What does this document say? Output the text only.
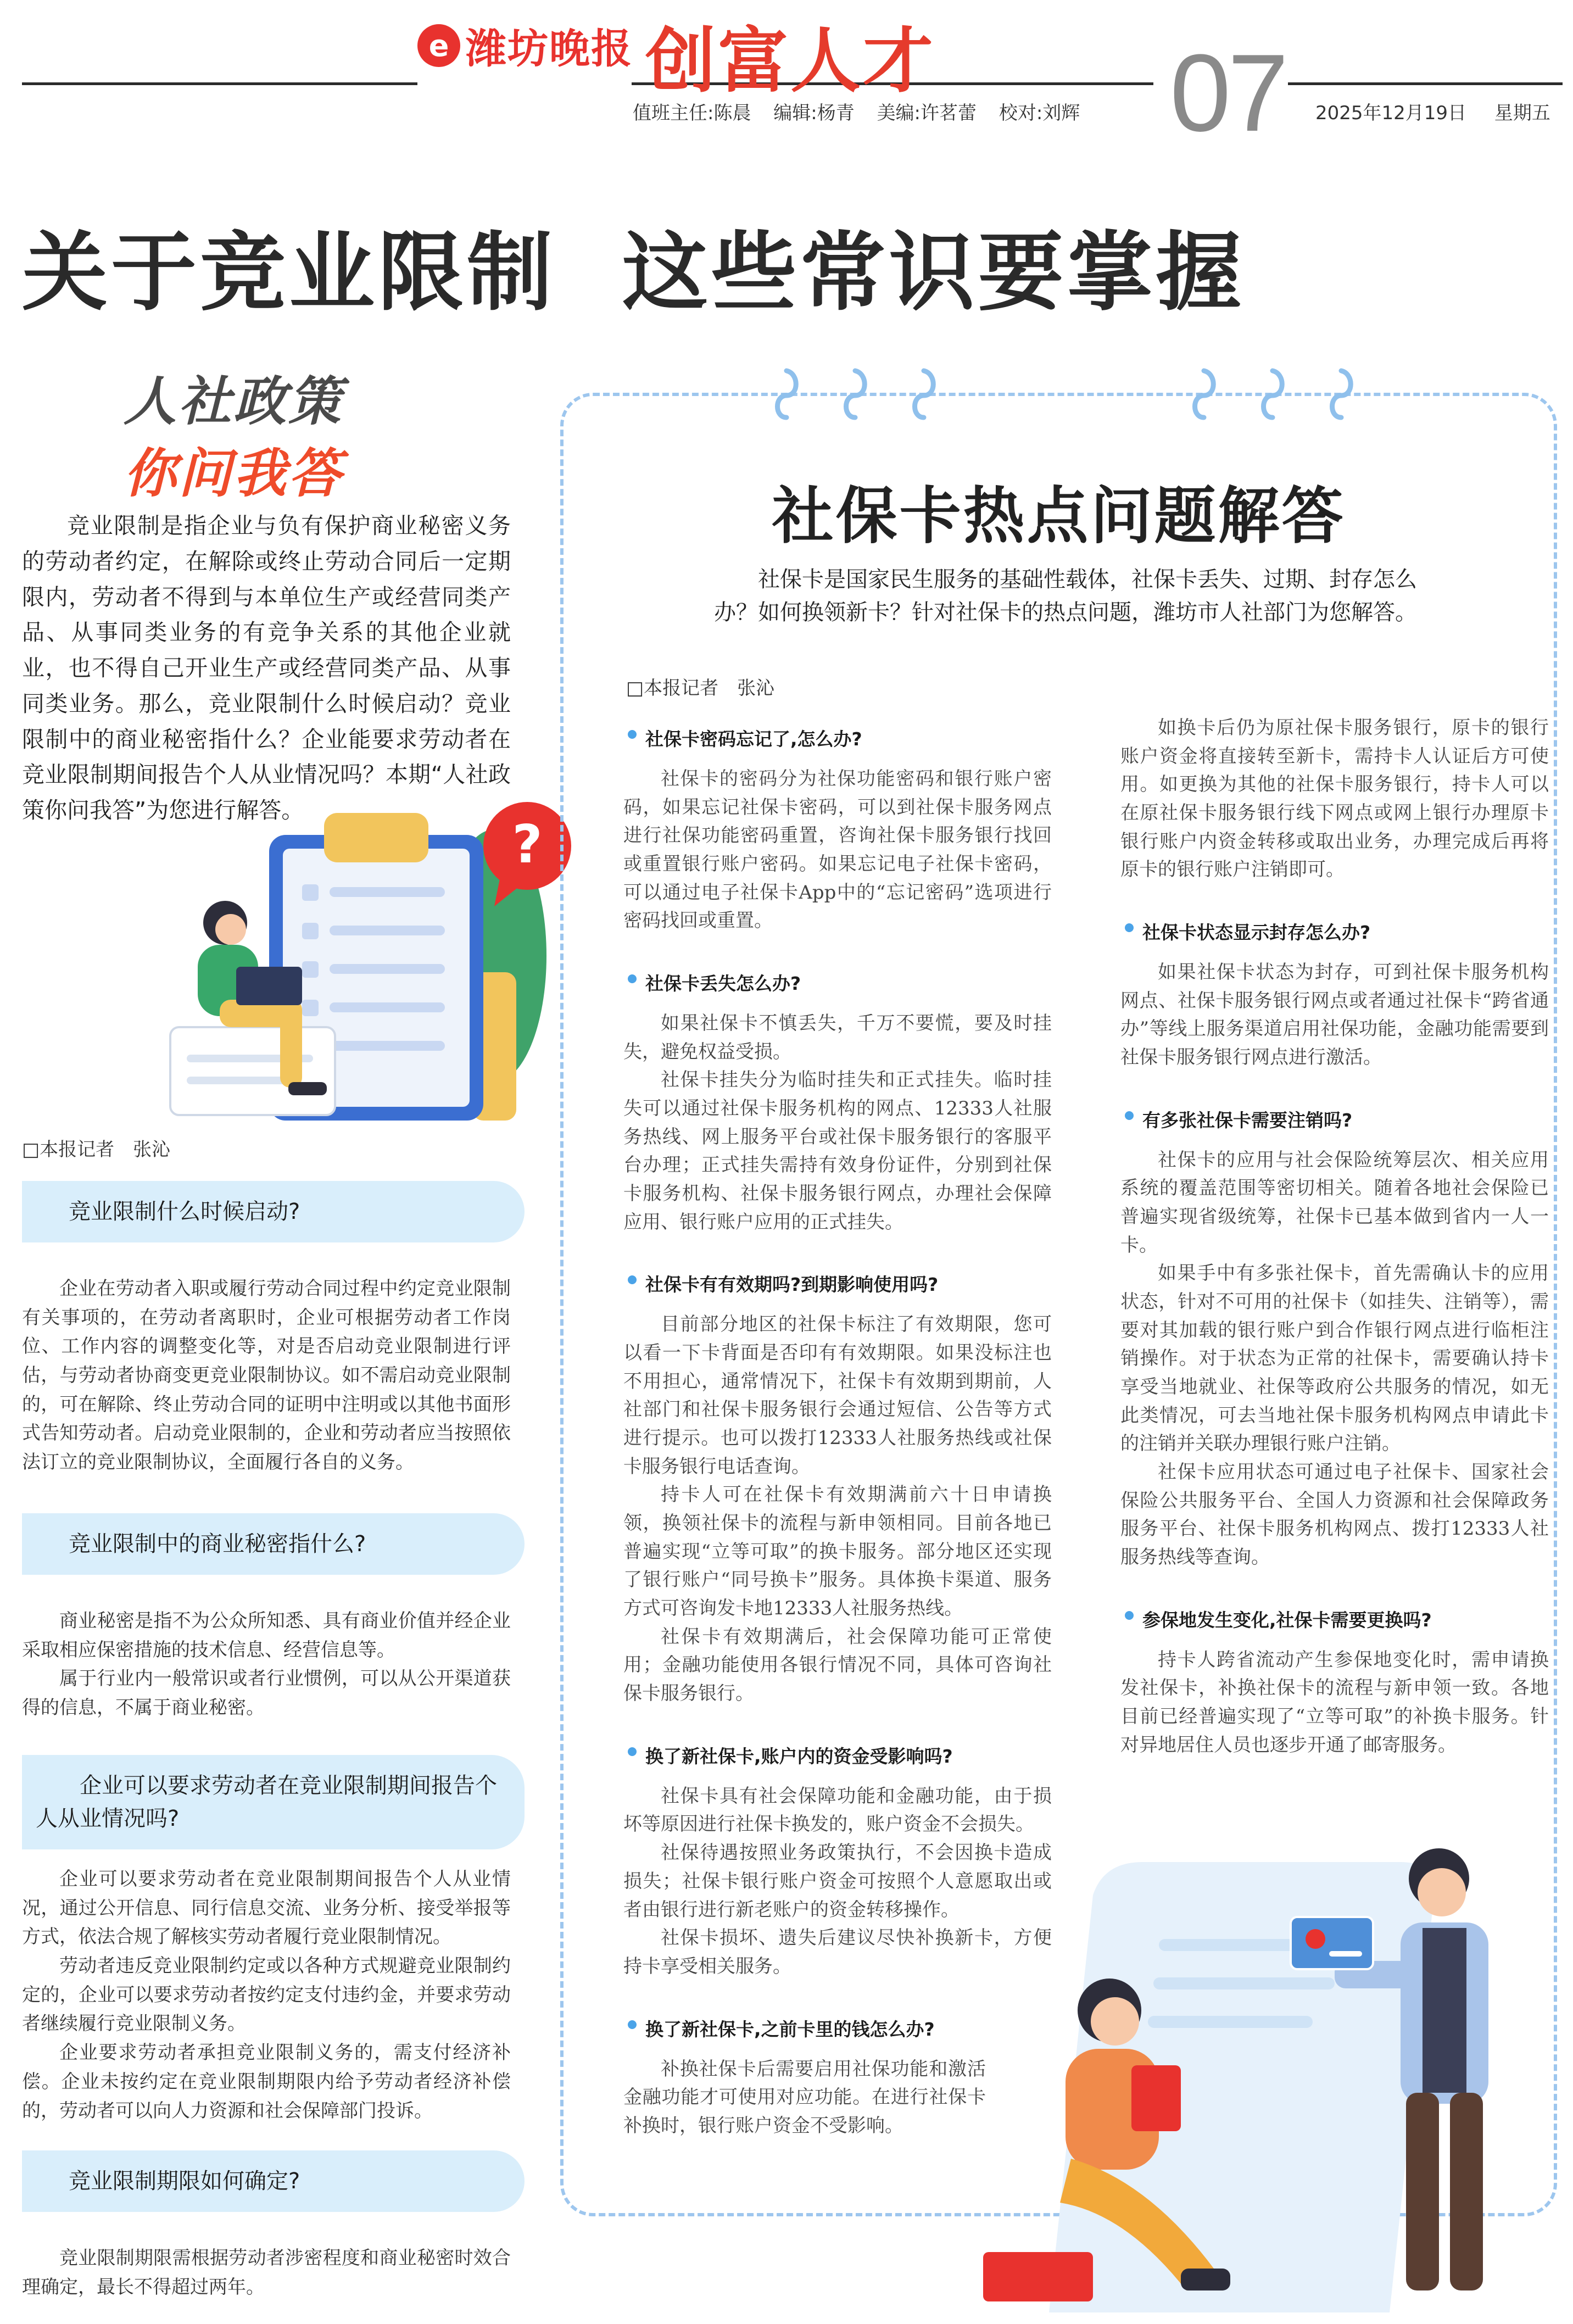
e 潍坊晚报 创富人才
值班主任:陈晨 编辑:杨青 美编:许茗蕾 校对:刘辉 07 2025年12月19日 星期五
关于竞业限制  这些常识要掌握
人社政策
你问我答
竞业限制是指企业与负有保护商业秘密义务的劳动者约定，在解除或终止劳动合同后一定期限内，劳动者不得到与本单位生产或经营同类产品、从事同类业务的有竞争关系的其他企业就业，也不得自己开业生产或经营同类产品、从事同类业务。那么，竞业限制什么时候启动？竞业限制中的商业秘密指什么？企业能要求劳动者在竞业限制期间报告个人从业情况吗？本期“人社政策你问我答”为您进行解答。
?
□本报记者　张沁
竞业限制什么时候启动?

企业在劳动者入职或履行劳动合同过程中约定竞业限制有关事项的，在劳动者离职时，企业可根据劳动者工作岗位、工作内容的调整变化等，对是否启动竞业限制进行评估，与劳动者协商变更竞业限制协议。如不需启动竞业限制的，可在解除、终止劳动合同的证明中注明或以其他书面形式告知劳动者。启动竞业限制的，企业和劳动者应当按照依法订立的竞业限制协议，全面履行各自的义务。

竞业限制中的商业秘密指什么?

商业秘密是指不为公众所知悉、具有商业价值并经企业采取相应保密措施的技术信息、经营信息等。

属于行业内一般常识或者行业惯例，可以从公开渠道获得的信息，不属于商业秘密。

企业可以要求劳动者在竞业限制期间报告个人从业情况吗?

企业可以要求劳动者在竞业限制期间报告个人从业情况，通过公开信息、同行信息交流、业务分析、接受举报等方式，依法合规了解核实劳动者履行竞业限制情况。

劳动者违反竞业限制约定或以各种方式规避竞业限制约定的，企业可以要求劳动者按约定支付违约金，并要求劳动者继续履行竞业限制义务。

企业要求劳动者承担竞业限制义务的，需支付经济补偿。企业未按约定在竞业限制期限内给予劳动者经济补偿的，劳动者可以向人力资源和社会保障部门投诉。

竞业限制期限如何确定?

竞业限制期限需根据劳动者涉密程度和商业秘密时效合理确定，最长不得超过两年。

社保卡热点问题解答
社保卡是国家民生服务的基础性载体，社保卡丢失、过期、封存怎么办？如何换领新卡？针对社保卡的热点问题，潍坊市人社部门为您解答。
□本报记者　张沁
社保卡密码忘记了,怎么办?

社保卡的密码分为社保功能密码和银行账户密码，如果忘记社保卡密码，可以到社保卡服务网点进行社保功能密码重置，咨询社保卡服务银行找回或重置银行账户密码。如果忘记电子社保卡密码，可以通过电子社保卡App中的“忘记密码”选项进行密码找回或重置。

社保卡丢失怎么办?

如果社保卡不慎丢失，千万不要慌，要及时挂失，避免权益受损。

社保卡挂失分为临时挂失和正式挂失。临时挂失可以通过社保卡服务机构的网点、12333人社服务热线、网上服务平台或社保卡服务银行的客服平台办理；正式挂失需持有效身份证件，分别到社保卡服务机构、社保卡服务银行网点，办理社会保障应用、银行账户应用的正式挂失。

社保卡有有效期吗?到期影响使用吗?

目前部分地区的社保卡标注了有效期限，您可以看一下卡背面是否印有有效期限。如果没标注也不用担心，通常情况下，社保卡有效期到期前，人社部门和社保卡服务银行会通过短信、公告等方式进行提示。也可以拨打12333人社服务热线或社保卡服务银行电话查询。

持卡人可在社保卡有效期满前六十日申请换领，换领社保卡的流程与新申领相同。目前各地已普遍实现“立等可取”的换卡服务。部分地区还实现了银行账户“同号换卡”服务。具体换卡渠道、服务方式可咨询发卡地12333人社服务热线。

社保卡有效期满后，社会保障功能可正常使用；金融功能使用各银行情况不同，具体可咨询社保卡服务银行。

换了新社保卡,账户内的资金受影响吗?

社保卡具有社会保障功能和金融功能，由于损坏等原因进行社保卡换发的，账户资金不会损失。

社保待遇按照业务政策执行，不会因换卡造成损失；社保卡银行账户资金可按照个人意愿取出或者由银行进行新老账户的资金转移操作。

社保卡损坏、遗失后建议尽快补换新卡，方便持卡享受相关服务。

换了新社保卡,之前卡里的钱怎么办?

补换社保卡后需要启用社保功能和激活金融功能才可使用对应功能。在进行社保卡补换时，银行账户资金不受影响。

如换卡后仍为原社保卡服务银行，原卡的银行账户资金将直接转至新卡，需持卡人认证后方可使用。如更换为其他的社保卡服务银行，持卡人可以在原社保卡服务银行线下网点或网上银行办理原卡银行账户内资金转移或取出业务，办理完成后再将原卡的银行账户注销即可。

社保卡状态显示封存怎么办?

如果社保卡状态为封存，可到社保卡服务机构网点、社保卡服务银行网点或者通过社保卡“跨省通办”等线上服务渠道启用社保功能，金融功能需要到社保卡服务银行网点进行激活。

有多张社保卡需要注销吗?

社保卡的应用与社会保险统筹层次、相关应用系统的覆盖范围等密切相关。随着各地社会保险已普遍实现省级统筹，社保卡已基本做到省内一人一卡。

如果手中有多张社保卡，首先需确认卡的应用状态，针对不可用的社保卡（如挂失、注销等），需要对其加载的银行账户到合作银行网点进行临柜注销操作。对于状态为正常的社保卡，需要确认持卡享受当地就业、社保等政府公共服务的情况，如无此类情况，可去当地社保卡服务机构网点申请此卡的注销并关联办理银行账户注销。

社保卡应用状态可通过电子社保卡、国家社会保险公共服务平台、全国人力资源和社会保障政务服务平台、社保卡服务机构网点、拨打12333人社服务热线等查询。

参保地发生变化,社保卡需要更换吗?

持卡人跨省流动产生参保地变化时，需申请换发社保卡，补换社保卡的流程与新申领一致。各地目前已经普遍实现了“立等可取”的补换卡服务。针对异地居住人员也逐步开通了邮寄服务。
